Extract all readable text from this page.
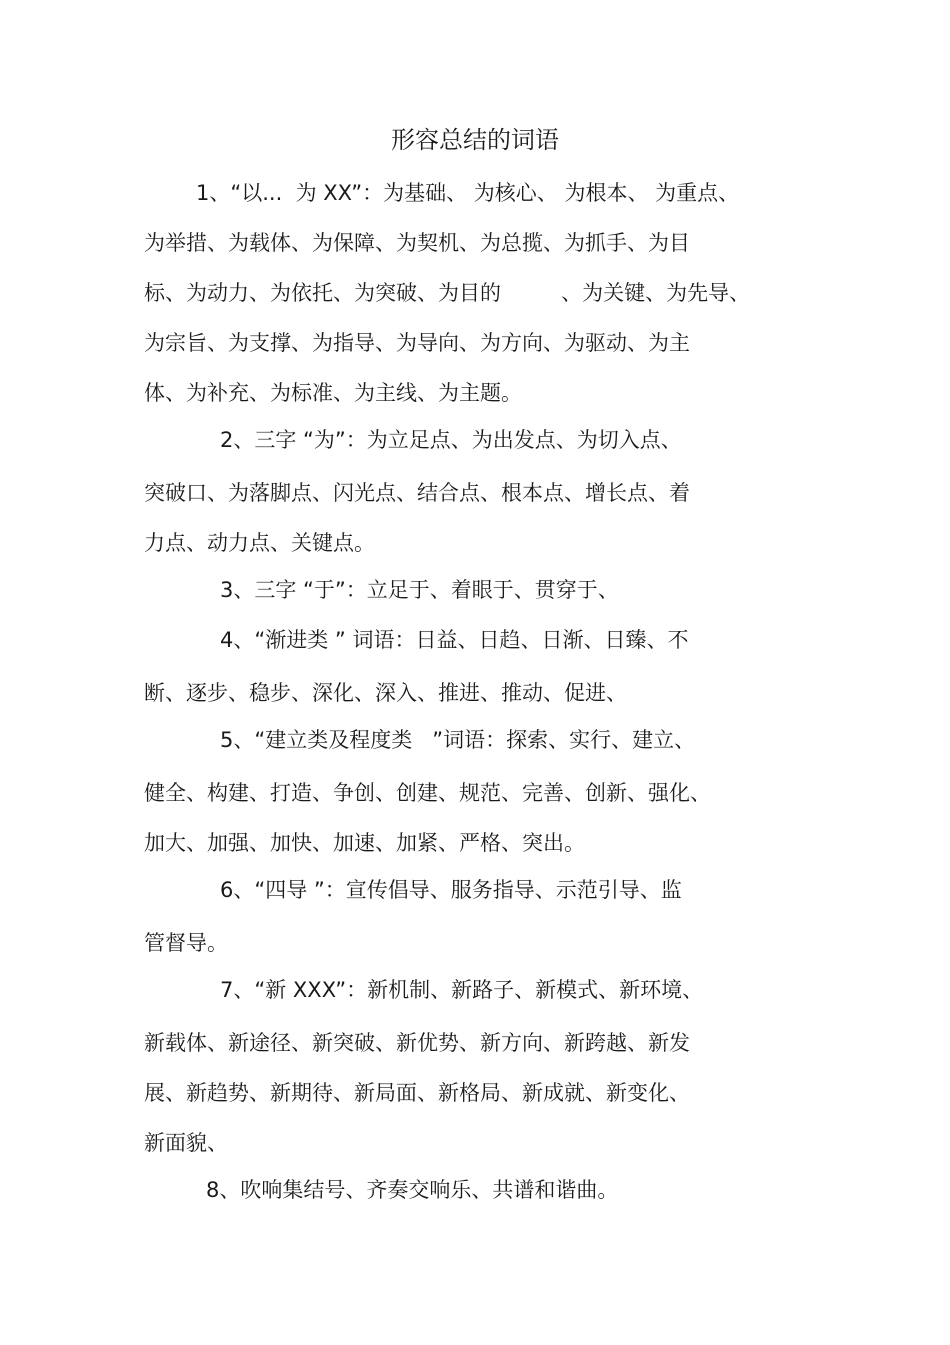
形容总结的词语
1、“以...  为 XX”：为基础、 为核心、 为根本、 为重点、
为举措、为载体、为保障、为契机、为总揽、为抓手、为目
标、为动力、为依托、为突破、为目的         、为关键、为先导、
为宗旨、为支撑、为指导、为导向、为方向、为驱动、为主
体、为补充、为标准、为主线、为主题。
2、三字 “为”：为立足点、为出发点、为切入点、
突破口、为落脚点、闪光点、结合点、根本点、增长点、着
力点、动力点、关键点。
3、三字 “于”：立足于、着眼于、贯穿于、
4、“渐进类 ” 词语：日益、日趋、日渐、日臻、不
断、逐步、稳步、深化、深入、推进、推动、促进、
5、“建立类及程度类   ”词语：探索、实行、建立、
健全、构建、打造、争创、创建、规范、完善、创新、强化、
加大、加强、加快、加速、加紧、严格、突出。
6、“四导 ”：宣传倡导、服务指导、示范引导、监
管督导。
7、“新 XXX”：新机制、新路子、新模式、新环境、
新载体、新途径、新突破、新优势、新方向、新跨越、新发
展、新趋势、新期待、新局面、新格局、新成就、新变化、
新面貌、
8、吹响集结号、齐奏交响乐、共谱和谐曲。
